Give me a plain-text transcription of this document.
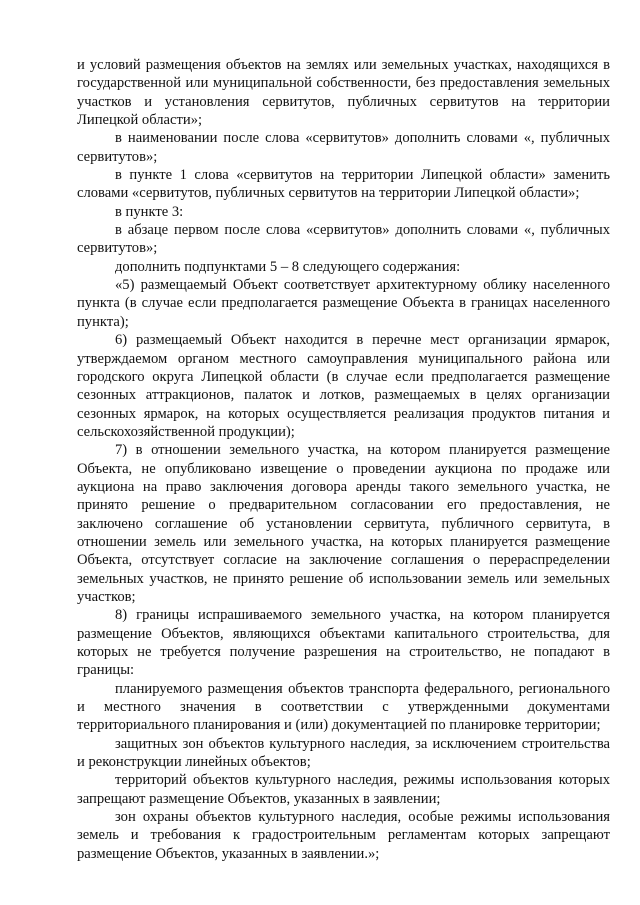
и условий размещения объектов на землях или земельных участках, находящихся в государственной или муниципальной собственности, без предоставления земельных участков и установления сервитутов, публичных сервитутов на территории Липецкой области»;

в наименовании после слова «сервитутов» дополнить словами «, публичных сервитутов»;

в пункте 1 слова «сервитутов на территории Липецкой области» заменить словами «сервитутов, публичных сервитутов на территории Липецкой области»;

в пункте 3:

в абзаце первом после слова «сервитутов» дополнить словами «, публичных сервитутов»;

дополнить подпунктами 5 – 8 следующего содержания:

«5) размещаемый Объект соответствует архитектурному облику населенного пункта (в случае если предполагается размещение Объекта в границах населенного пункта);

6) размещаемый Объект находится в перечне мест организации ярмарок, утверждаемом органом местного самоуправления муниципального района или городского округа Липецкой области (в случае если предполагается размещение сезонных аттракционов, палаток и лотков, размещаемых в целях организации сезонных ярмарок, на которых осуществляется реализация продуктов питания и сельскохозяйственной продукции);

7) в отношении земельного участка, на котором планируется размещение Объекта, не опубликовано извещение о проведении аукциона по продаже или аукциона на право заключения договора аренды такого земельного участка, не принято решение о предварительном согласовании его предоставления, не заключено соглашение об установлении сервитута, публичного сервитута, в отношении земель или земельного участка, на которых планируется размещение Объекта, отсутствует согласие на заключение соглашения о перераспределении земельных участков, не принято решение об использовании земель или земельных участков;

8) границы испрашиваемого земельного участка, на котором планируется размещение Объектов, являющихся объектами капитального строительства, для которых не требуется получение разрешения на строительство, не попадают в границы:

планируемого размещения объектов транспорта федерального, регионального и местного значения в соответствии с утвержденными документами территориального планирования и (или) документацией по планировке территории;

защитных зон объектов культурного наследия, за исключением строительства и реконструкции линейных объектов;

территорий объектов культурного наследия, режимы использования которых запрещают размещение Объектов, указанных в заявлении;

зон охраны объектов культурного наследия, особые режимы использования земель и требования к градостроительным регламентам которых запрещают размещение Объектов, указанных в заявлении.»;
